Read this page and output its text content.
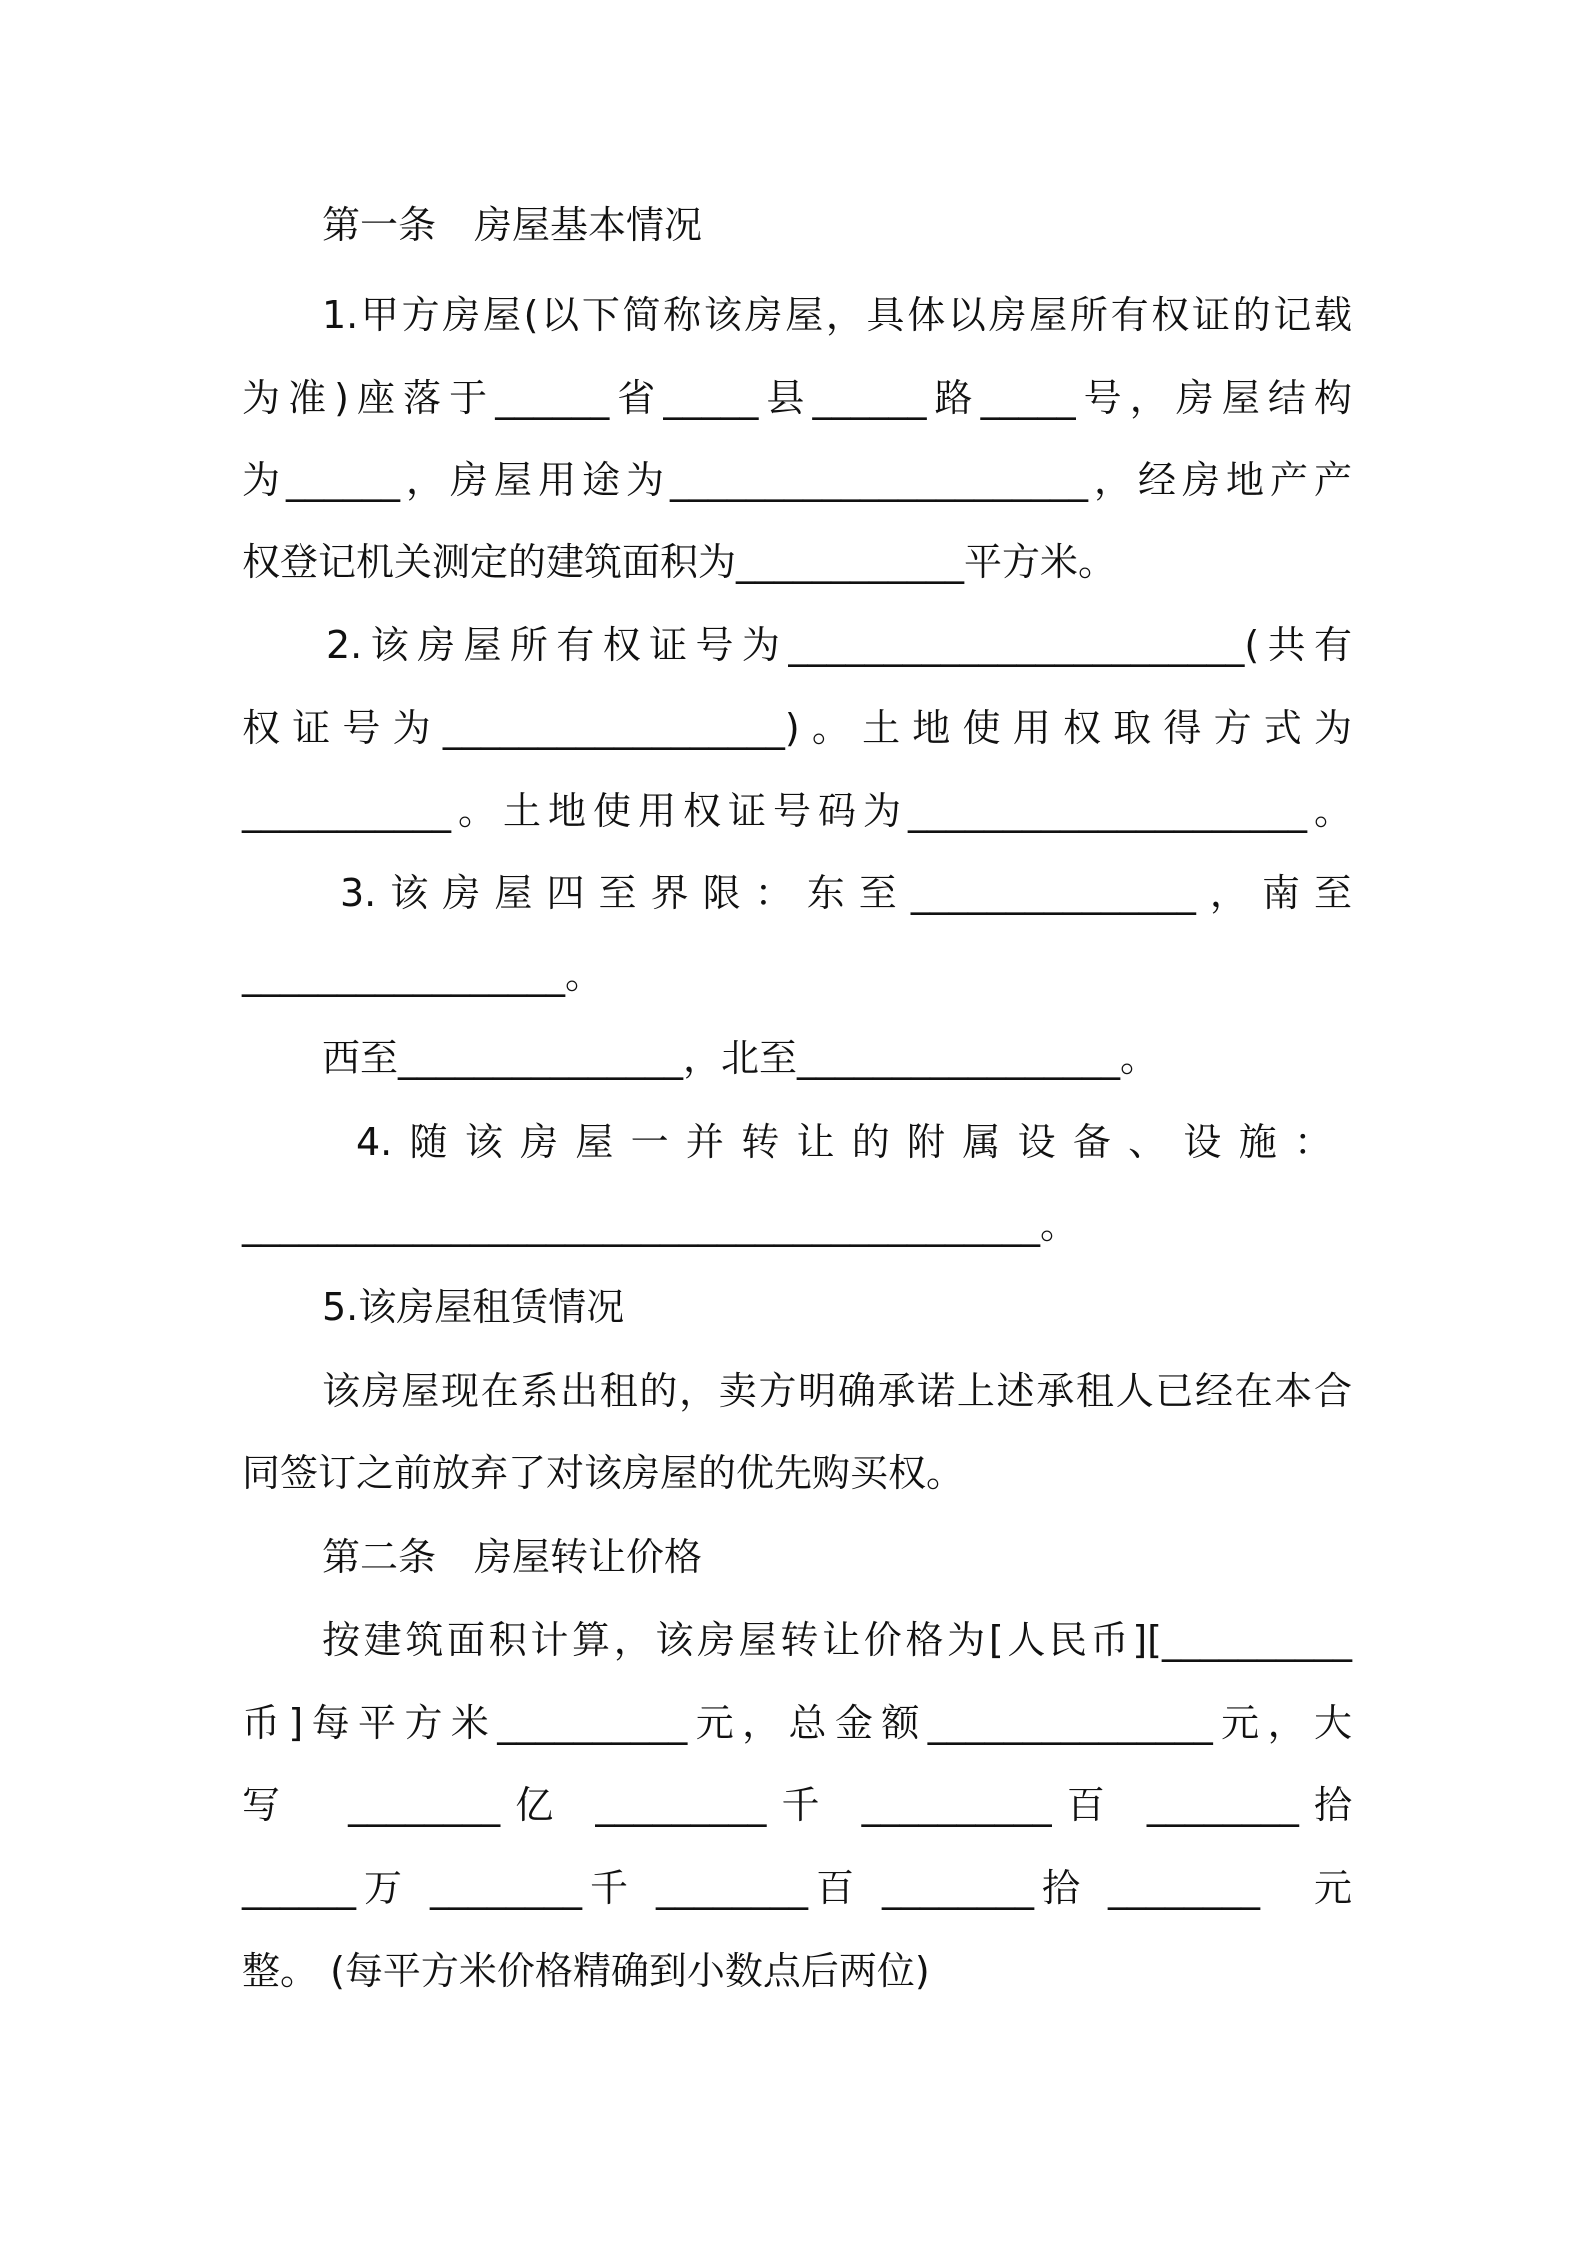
第一条　房屋基本情况

1.甲方房屋(以下简称该房屋，具体以房屋所有权证的记载

为准)座落于______省_____县______路_____号，房屋结构

为______，房屋用途为______________________，经房地产产

权登记机关测定的建筑面积为____________平方米。

2.该房屋所有权证号为________________________(共有

权证号为__________________)。土地使用权取得方式为

___________。土地使用权证号码为_____________________。

3.该房屋四至界限：东至_______________，南至

_________________。

西至_______________，北至_________________。

4.随该房屋一并转让的附属设备、设施：

__________________________________________。

5.该房屋租赁情况

该房屋现在系出租的，卖方明确承诺上述承租人已经在本合

同签订之前放弃了对该房屋的优先购买权。

第二条　房屋转让价格

按建筑面积计算，该房屋转让价格为[人民币][__________

币]每平方米__________元，总金额_______________元，大

写　________亿 _________千 __________百 ________拾

______万 ________千 ________百 ________拾 ________　元

整。 (每平方米价格精确到小数点后两位)
